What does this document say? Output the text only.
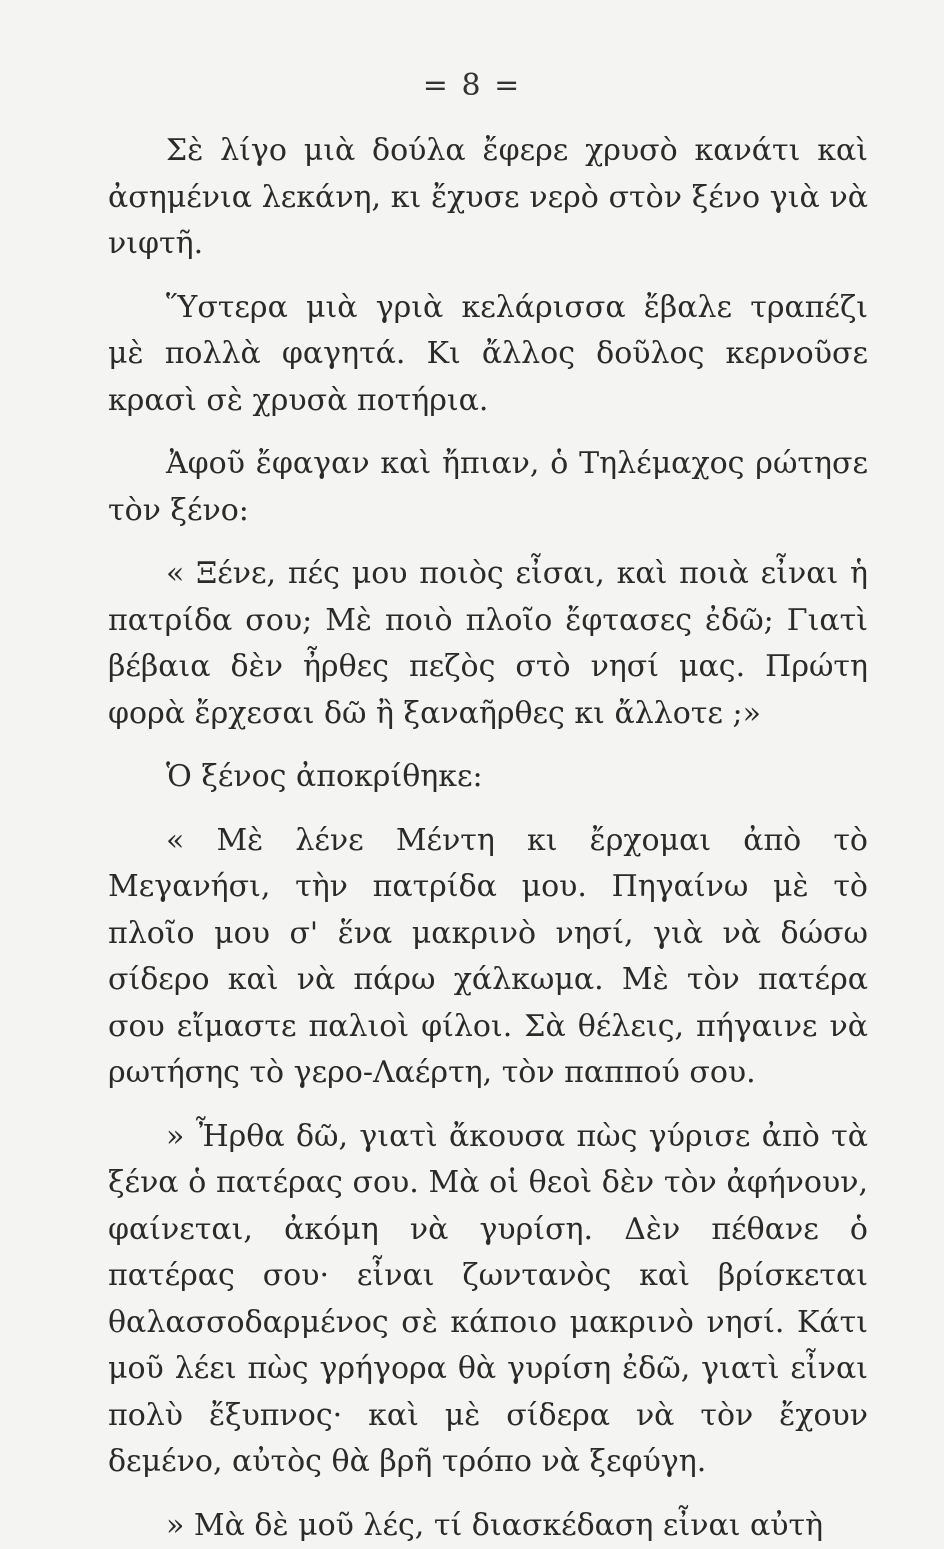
= 8 =

Σὲ λίγο μιὰ δούλα ἔφερε χρυσὸ κανάτι καὶ ἀσημένια λεκάνη, κι ἔχυσε νερὸ στὸν ξένο γιὰ νὰ νιφτῆ.

Ὕστερα μιὰ γριὰ κελάρισσα ἔβαλε τραπέζι μὲ πολλὰ φαγητά. Κι ἄλλος δοῦλος κερνοῦσε κρασὶ σὲ χρυσὰ ποτήρια.

Ἀφοῦ ἔφαγαν καὶ ἤπιαν, ὁ Τηλέμαχος ρώτησε τὸν ξένο:

« Ξένε, πές μου ποιὸς εἶσαι, καὶ ποιὰ εἶναι ἡ πατρίδα σου; Μὲ ποιὸ πλοῖο ἔφτασες ἐδῶ; Γιατὶ βέβαια δὲν ἦρθες πεζὸς στὸ νησί μας. Πρώτη φορὰ ἔρχεσαι δῶ ἢ ξαναῆρθες κι ἄλλοτε ;»

Ὁ ξένος ἀποκρίθηκε:

« Μὲ λένε Μέντη κι ἔρχομαι ἀπὸ τὸ Μεγανήσι, τὴν πατρίδα μου. Πηγαίνω μὲ τὸ πλοῖο μου σ' ἕνα μακρινὸ νησί, γιὰ νὰ δώσω σίδερο καὶ νὰ πάρω χάλκωμα. Μὲ τὸν πατέρα σου εἴμαστε παλιοὶ φίλοι. Σὰ θέλεις, πήγαινε νὰ ρωτήσης τὸ γερο-Λαέρτη, τὸν παππού σου.

» Ἦρθα δῶ, γιατὶ ἄκουσα πὼς γύρισε ἀπὸ τὰ ξένα ὁ πατέρας σου. Μὰ οἱ θεοὶ δὲν τὸν ἀφήνουν, φαίνεται, ἀκόμη νὰ γυρίση. Δὲν πέθανε ὁ πατέρας σου· εἶναι ζωντανὸς καὶ βρίσκεται θαλασσοδαρμένος σὲ κάποιο μακρινὸ νησί. Κάτι μοῦ λέει πὼς γρήγορα θὰ γυρίση ἐδῶ, γιατὶ εἶναι πολὺ ἔξυπνος· καὶ μὲ σίδερα νὰ τὸν ἔχουν δεμένο, αὐτὸς θὰ βρῆ τρόπο νὰ ξεφύγη.

» Μὰ δὲ μοῦ λές, τί διασκέδαση εἶναι αὐτὴ
